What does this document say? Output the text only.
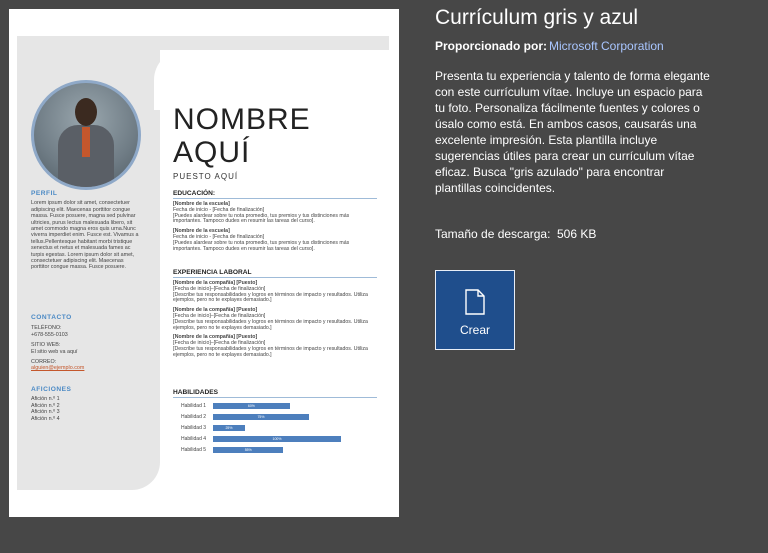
PERFIL
Lorem ipsum dolor sit amet, consectetuer adipiscing elit. Maecenas porttitor congue massa. Fusce posuere, magna sed pulvinar ultricies, purus lectus malesuada libero, sit amet commodo magna eros quis urna.Nunc viverra imperdiet enim. Fusce est. Vivamus a tellus.Pellentesque habitant morbi tristique senectus et netus et malesuada fames ac turpis egestas. Lorem ipsum dolor sit amet, consectetuer adipiscing elit. Maecenas porttitor congue massa. Fusce posuere.
CONTACTO
TELÉFONO:
+678-555-0103
SITIO WEB:
El sitio web va aquí
CORREO:
alguien@ejemplo.com
AFICIONES
Afición n.º 1
Afición n.º 2
Afición n.º 3
Afición n.º 4
NOMBRE
AQUÍ
PUESTO AQUÍ
EDUCACIÓN:
[Nombre de la escuela]
Fecha de inicio - [Fecha de finalización]
[Puedes alardear sobre tu nota promedio, tus premios y tus distinciones más importantes. Tampoco dudes en resumir las tareas del curso].
[Nombre de la escuela]
Fecha de inicio - [Fecha de finalización]
[Puedes alardear sobre tu nota promedio, tus premios y tus distinciones más importantes. Tampoco dudes en resumir las tareas del curso].
EXPERIENCIA LABORAL
[Nombre de la compañía] [Puesto]
[Fecha de inicio]–[Fecha de finalización]
[Describe tus responsabilidades y logros en términos de impacto y resultados. Utiliza ejemplos, pero no te explayes demasiado.]
[Nombre de la compañía] [Puesto]
[Fecha de inicio]–[Fecha de finalización]
[Describe tus responsabilidades y logros en términos de impacto y resultados. Utiliza ejemplos, pero no te explayes demasiado.]
[Nombre de la compañía] [Puesto]
[Fecha de inicio]–[Fecha de finalización]
[Describe tus responsabilidades y logros en términos de impacto y resultados. Utiliza ejemplos, pero no te explayes demasiado.]
HABILIDADES
Habilidad 1	60%
Habilidad 2	75%
Habilidad 3	25%
Habilidad 4	100%
Habilidad 5	55%
Currículum gris y azul
Proporcionado por: Microsoft Corporation
Presenta tu experiencia y talento de forma elegante con este currículum vítae. Incluye un espacio para tu foto. Personaliza fácilmente fuentes y colores o úsalo como está. En ambos casos, causarás una excelente impresión. Esta plantilla incluye sugerencias útiles para crear un currículum vítae eficaz. Busca "gris azulado" para encontrar plantillas coincidentes.
Tamaño de descarga: 506 KB
Crear
